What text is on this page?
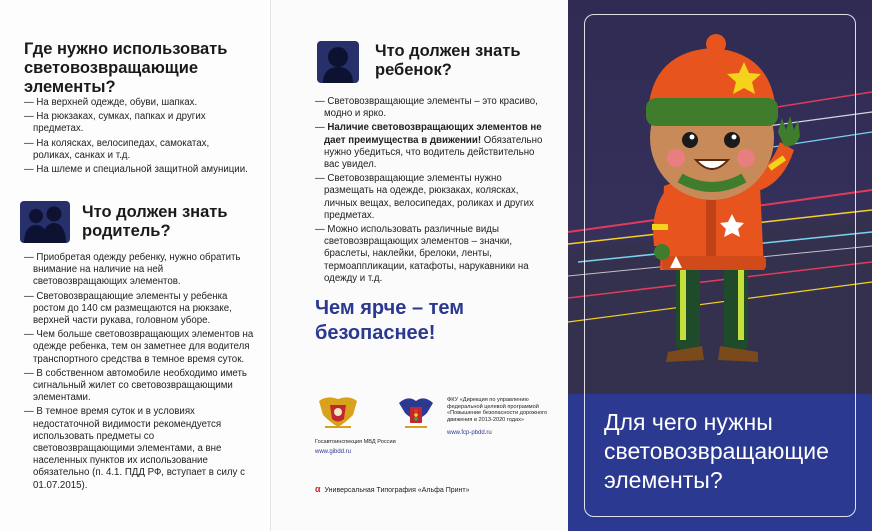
Где нужно использовать световозвращающие элементы?
— На верхней одежде, обуви, шапках.
— На рюкзаках, сумках, папках и других предметах.
— На колясках, велосипедах, самокатах, роликах, санках и т.д.
— На шлеме и специальной защитной амуниции.
Что должен знать родитель?
— Приобретая одежду ребенку, нужно обратить внимание на наличие на ней световозвращающих элементов.
— Световозвращающие элементы у ребенка ростом до 140 см размещаются на рюкзаке, верхней части рукава, головном уборе.
— Чем больше световозвращающих элементов на одежде ребенка, тем он заметнее для водителя транспортного средства в темное время суток.
— В собственном автомобиле необходимо иметь сигнальный жилет со световозвращающими элементами.
— В темное время суток и в условиях недостаточной видимости рекомендуется использовать предметы со световозвращающими элементами, а вне населенных пунктов их использование обязательно (п. 4.1. ПДД РФ, вступает в силу с 01.07.2015).
Что должен знать ребенок?
— Световозвращающие элементы – это красиво, модно и ярко.
— Наличие световозвращающих элементов не дает преимущества в движении! Обязательно нужно убедиться, что водитель действительно вас увидел.
— Световозвращающие элементы нужно размещать на одежде, рюкзаках, колясках, личных вещах, велосипедах, роликах и других предметах.
— Можно использовать различные виды световозвращающих элементов – значки, браслеты, наклейки, брелоки, ленты, термоаппликации, катафоты, нарукавники на одежду и т.д.
Чем ярче – тем
безопаснее!
Госавтоинспекция МВД России
www.gibdd.ru
ФКУ «Дирекция по управлению федеральной целевой программой «Повышение безопасности дорожного движения в 2013-2020 годах»
www.fcp-pbdd.ru
α Универсальная Типография «Альфа Принт»
Для чего нужны световозвращающие элементы?
